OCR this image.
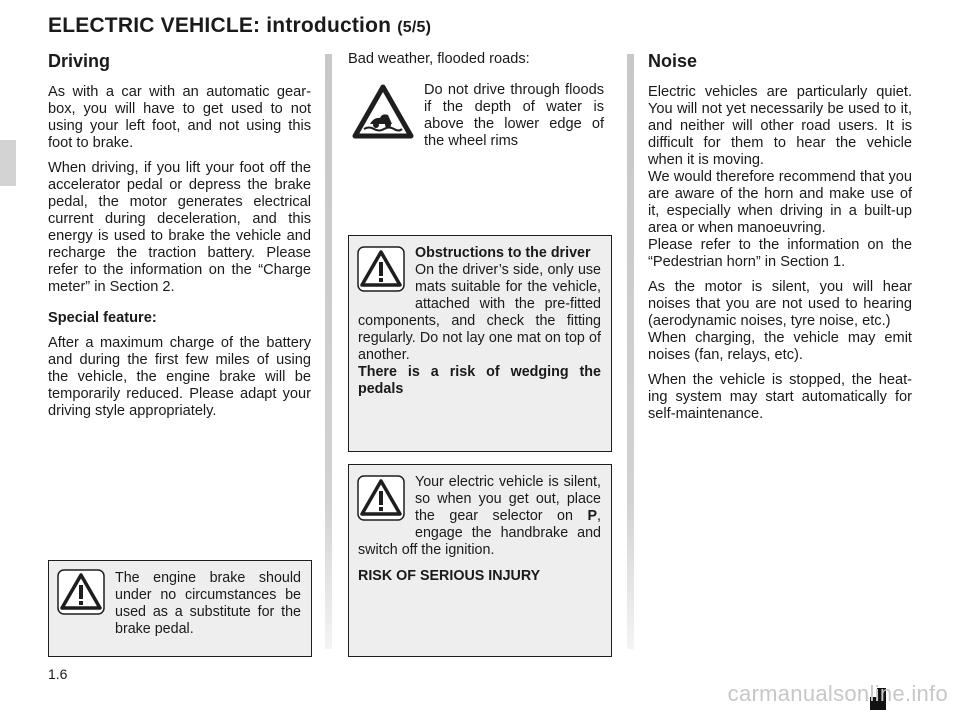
ELECTRIC VEHICLE: introduction (5/5)
Driving

As with a car with an automatic gear-box, you will have to get used to not using your left foot, and not using this foot to brake.

When driving, if you lift your foot off the accelerator pedal or depress the brake pedal, the motor generates electrical current during deceleration, and this energy is used to brake the vehicle and recharge the traction battery. Please refer to the information on the “Charge meter” in Section 2.

Special feature:

After a maximum charge of the battery and during the first few miles of using the vehicle, the engine brake will be temporarily reduced. Please adapt your driving style appropriately.

The engine brake should under no circumstances be used as a substitute for the brake pedal.

Bad weather, flooded roads:

Do not drive through floods if the depth of water is above the lower edge of the wheel rims

Obstructions to the driver

On the driver’s side, only use mats suitable for the vehicle, attached with the pre-fitted components, and check the fitting regularly. Do not lay one mat on top of another.

There is a risk of wedging the pedals

Your electric vehicle is silent, so when you get out, place the gear selector on P, engage the handbrake and switch off the ignition.

RISK OF SERIOUS INJURY

Noise

Electric vehicles are particularly quiet. You will not yet necessarily be used to it, and neither will other road users. It is difficult for them to hear the vehicle when it is moving.

We would therefore recommend that you are aware of the horn and make use of it, especially when driving in a built-up area or when manoeuvring.

Please refer to the information on the “Pedestrian horn” in Section 1.

As the motor is silent, you will hear noises that you are not used to hearing (aerodynamic noises, tyre noise, etc.)

When charging, the vehicle may emit noises (fan, relays, etc).

When the vehicle is stopped, the heat-ing system may start automatically for self-maintenance.

1.6
carmanualsonline.info
